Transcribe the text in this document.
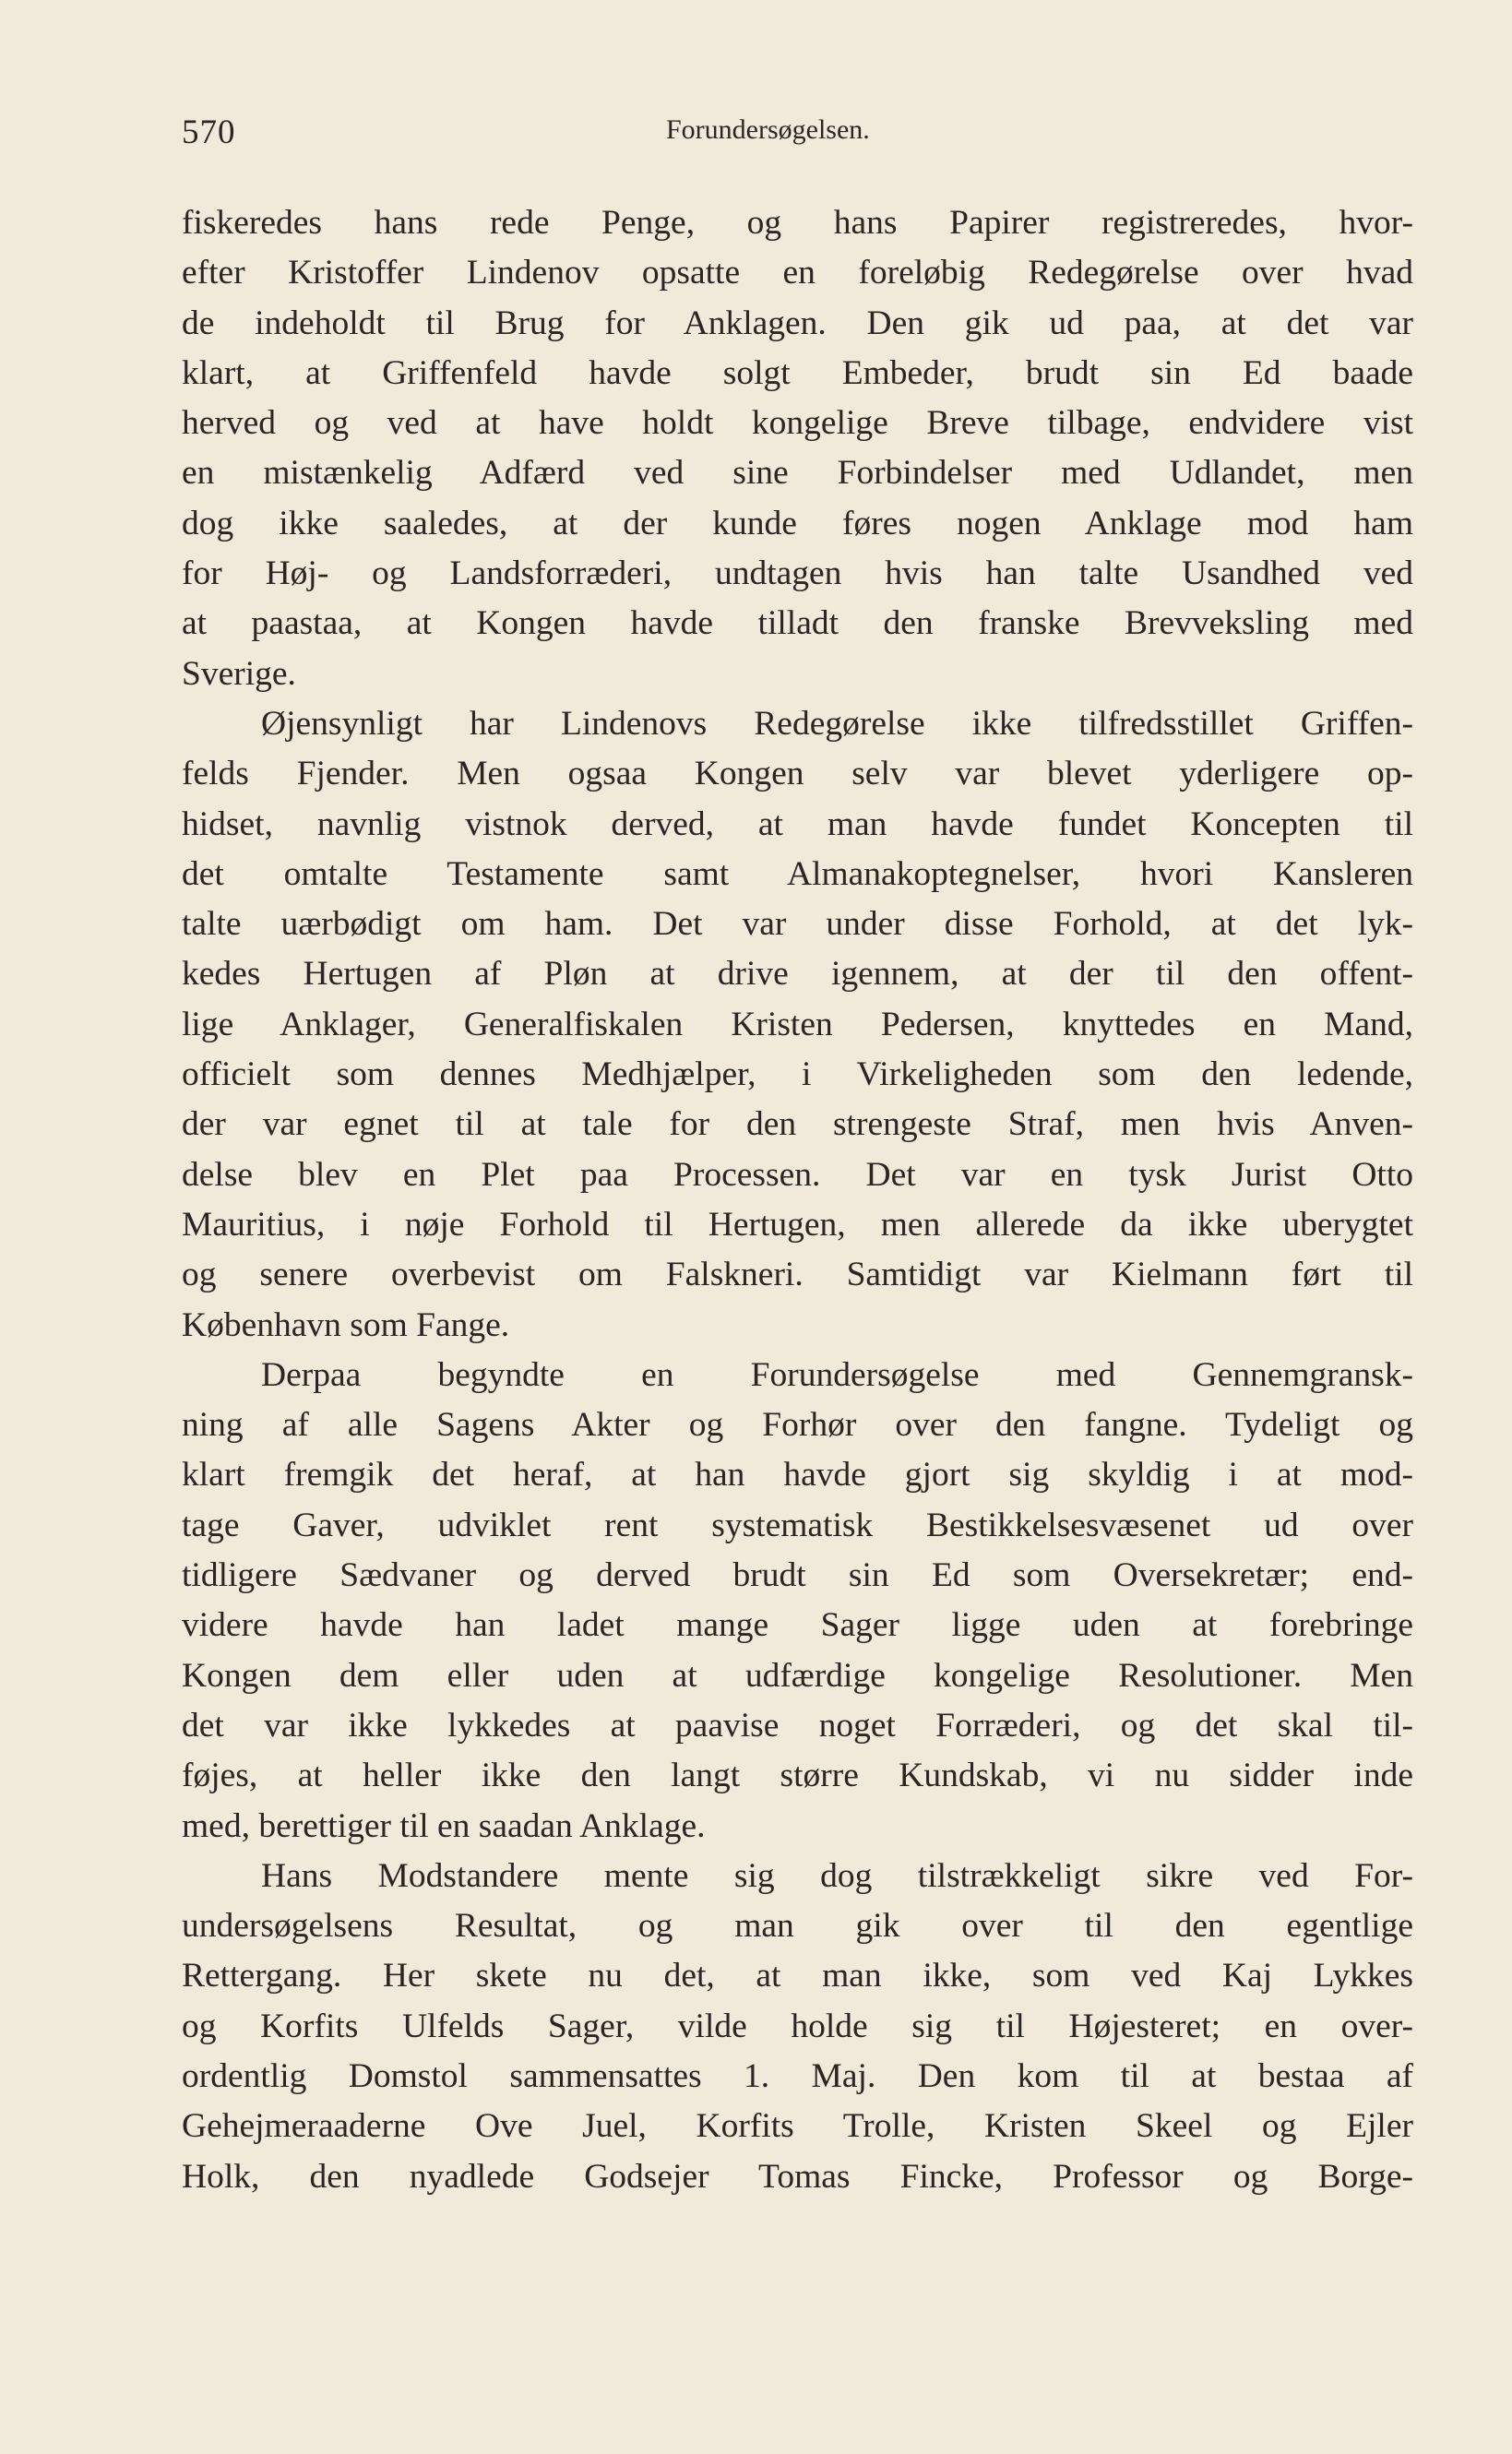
570	Forundersøgelsen.
fiskeredes hans rede Penge, og hans Papirer registreredes, hvor-
efter Kristoffer Lindenov opsatte en foreløbig Redegørelse over hvad
de indeholdt til Brug for Anklagen. Den gik ud paa, at det var
klart, at Griffenfeld havde solgt Embeder, brudt sin Ed baade
herved og ved at have holdt kongelige Breve tilbage, endvidere vist
en mistænkelig Adfærd ved sine Forbindelser med Udlandet, men
dog ikke saaledes, at der kunde føres nogen Anklage mod ham
for Høj- og Landsforræderi, undtagen hvis han talte Usandhed ved
at paastaa, at Kongen havde tilladt den franske Brevveksling med
Sverige.
Øjensynligt har Lindenovs Redegørelse ikke tilfredsstillet Griffen-
felds Fjender. Men ogsaa Kongen selv var blevet yderligere op-
hidset, navnlig vistnok derved, at man havde fundet Koncepten til
det omtalte Testamente samt Almanakoptegnelser, hvori Kansleren
talte uærbødigt om ham. Det var under disse Forhold, at det lyk-
kedes Hertugen af Pløn at drive igennem, at der til den offent-
lige Anklager, Generalfiskalen Kristen Pedersen, knyttedes en Mand,
officielt som dennes Medhjælper, i Virkeligheden som den ledende,
der var egnet til at tale for den strengeste Straf, men hvis Anven-
delse blev en Plet paa Processen. Det var en tysk Jurist Otto
Mauritius, i nøje Forhold til Hertugen, men allerede da ikke uberygtet
og senere overbevist om Falskneri. Samtidigt var Kielmann ført til
København som Fange.
Derpaa begyndte en Forundersøgelse med Gennemgransk-
ning af alle Sagens Akter og Forhør over den fangne. Tydeligt og
klart fremgik det heraf, at han havde gjort sig skyldig i at mod-
tage Gaver, udviklet rent systematisk Bestikkelsesvæsenet ud over
tidligere Sædvaner og derved brudt sin Ed som Oversekretær; end-
videre havde han ladet mange Sager ligge uden at forebringe
Kongen dem eller uden at udfærdige kongelige Resolutioner. Men
det var ikke lykkedes at paavise noget Forræderi, og det skal til-
føjes, at heller ikke den langt større Kundskab, vi nu sidder inde
med, berettiger til en saadan Anklage.
Hans Modstandere mente sig dog tilstrækkeligt sikre ved For-
undersøgelsens Resultat, og man gik over til den egentlige
Rettergang. Her skete nu det, at man ikke, som ved Kaj Lykkes
og Korfits Ulfelds Sager, vilde holde sig til Højesteret; en over-
ordentlig Domstol sammensattes 1. Maj. Den kom til at bestaa af
Gehejmeraaderne Ove Juel, Korfits Trolle, Kristen Skeel og Ejler
Holk, den nyadlede Godsejer Tomas Fincke, Professor og Borge-
